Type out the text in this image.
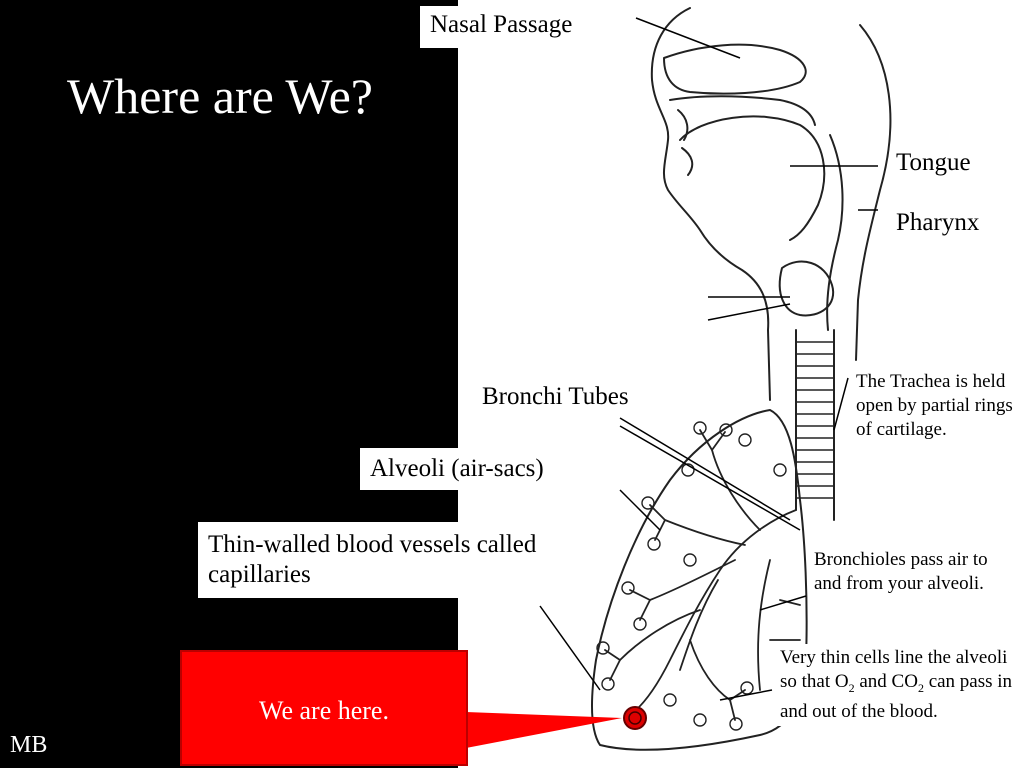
Where are We?
MB
Nasal Passage
Tongue
Pharynx
Bronchi Tubes
Alveoli (air-sacs)
Thin-walled blood vessels called capillaries
The Trachea is held open by partial rings of cartilage.
Bronchioles pass air to and from your alveoli.
Very thin cells line the alveoli so that $O_2$ and $CO_2$ can pass in and out of the blood.
We are here.
